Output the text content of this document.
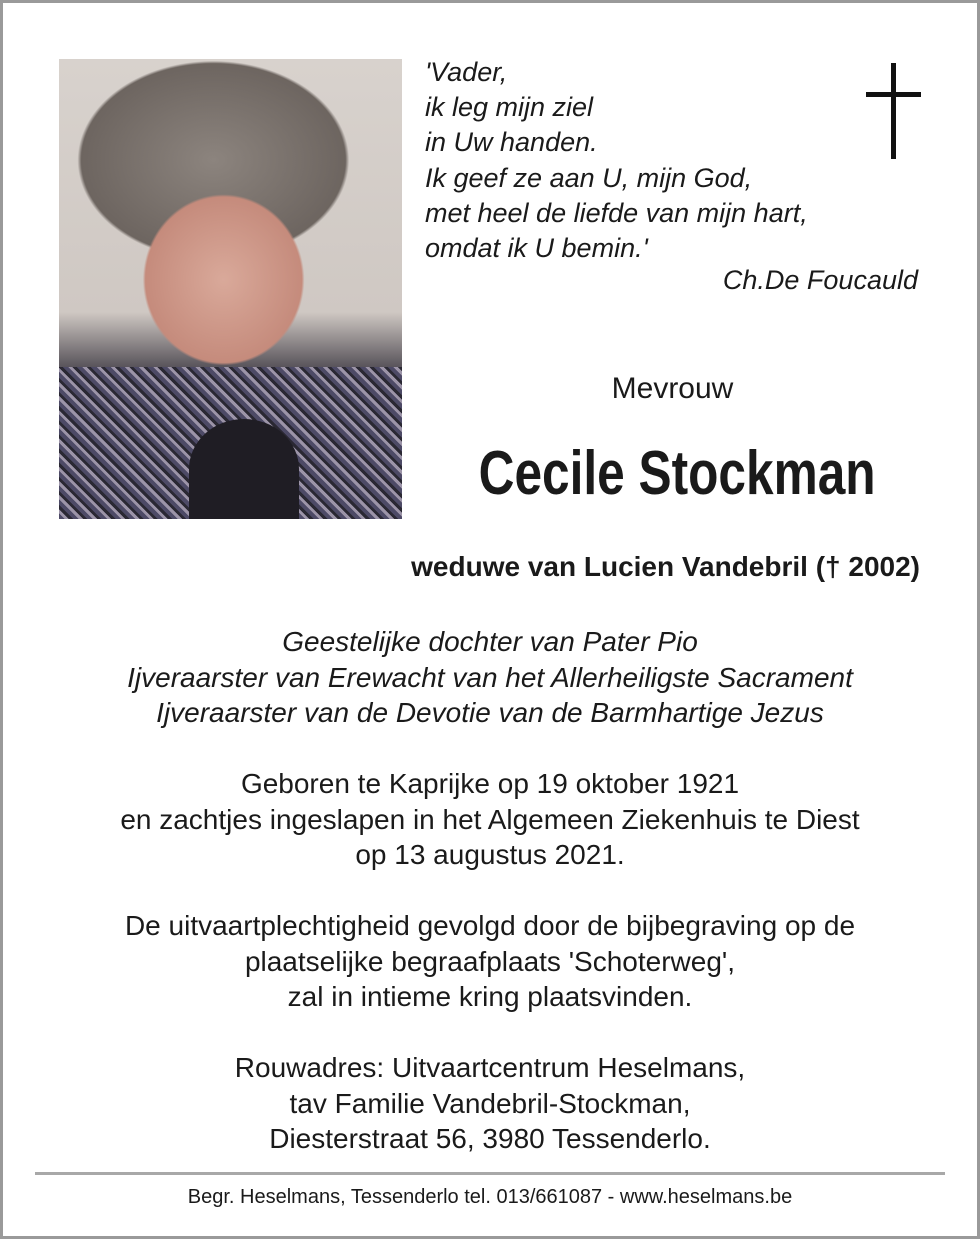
'Vader,
ik leg mijn ziel
in Uw handen.
Ik geef ze aan U, mijn God,
met heel de liefde van mijn hart,
omdat ik U bemin.'
Ch.De Foucauld
Mevrouw
Cecile Stockman
weduwe van Lucien Vandebril († 2002)
Geestelijke dochter van Pater Pio
Ijveraarster van Erewacht van het Allerheiligste Sacrament
Ijveraarster van de Devotie van de Barmhartige Jezus
Geboren te Kaprijke op 19 oktober 1921
en zachtjes ingeslapen in het Algemeen Ziekenhuis te Diest
op 13 augustus 2021.
De uitvaartplechtigheid gevolgd door de bijbegraving op de
plaatselijke begraafplaats 'Schoterweg',
zal in intieme kring plaatsvinden.
Rouwadres: Uitvaartcentrum Heselmans,
tav Familie Vandebril-Stockman,
Diesterstraat 56, 3980 Tessenderlo.
Begr. Heselmans, Tessenderlo tel. 013/661087 - www.heselmans.be
